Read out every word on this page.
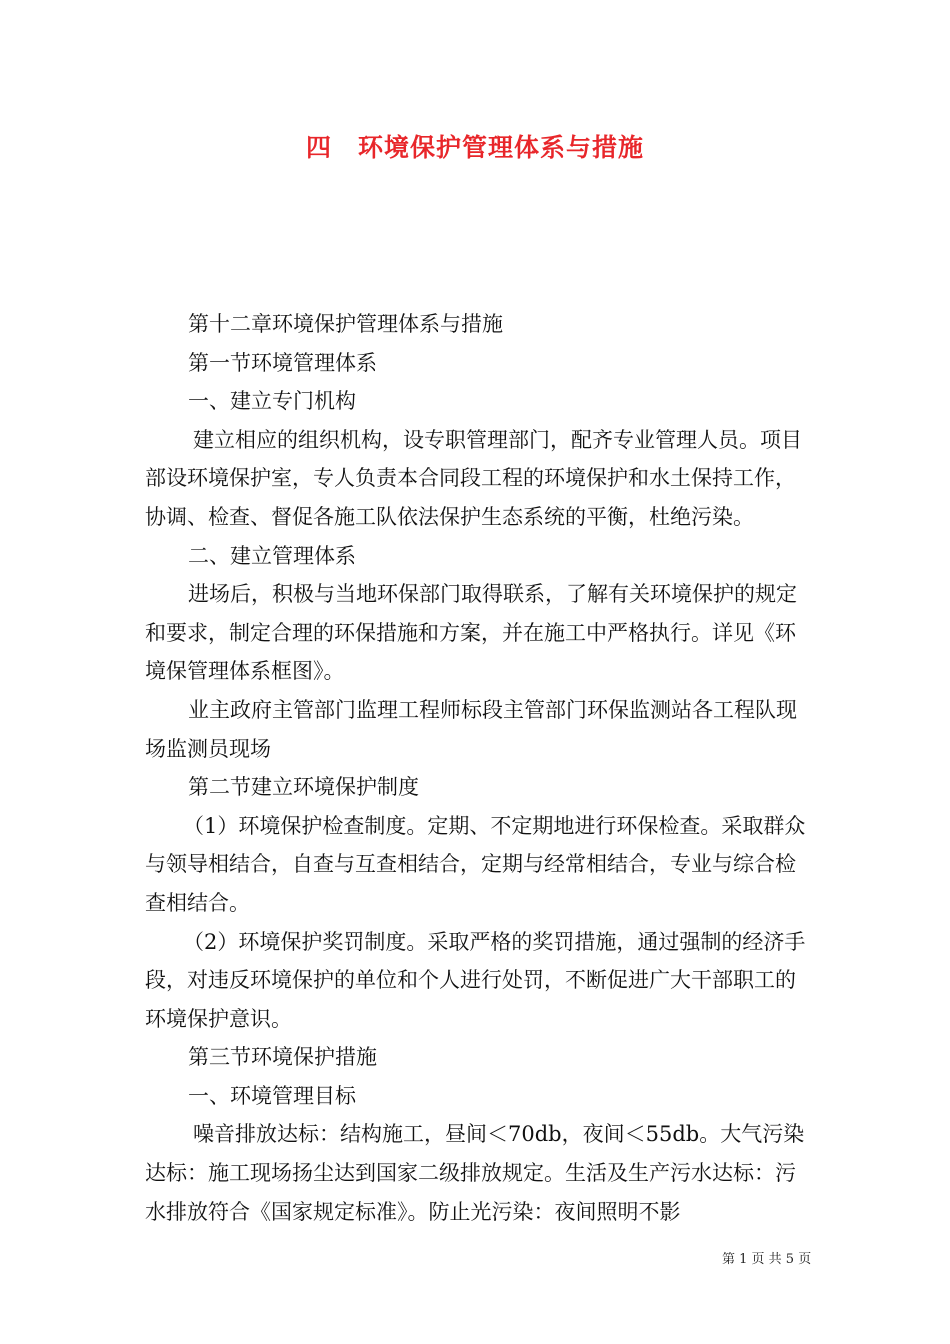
四　环境保护管理体系与措施

第十二章环境保护管理体系与措施

第一节环境管理体系

一、建立专门机构

建立相应的组织机构，设专职管理部门，配齐专业管理人员。项目部设环境保护室，专人负责本合同段工程的环境保护和水土保持工作，协调、检查、督促各施工队依法保护生态系统的平衡，杜绝污染。

二、建立管理体系

进场后，积极与当地环保部门取得联系，了解有关环境保护的规定和要求，制定合理的环保措施和方案，并在施工中严格执行。详见《环境保管理体系框图》。

业主政府主管部门监理工程师标段主管部门环保监测站各工程队现场监测员现场

第二节建立环境保护制度

（1）环境保护检查制度。定期、不定期地进行环保检查。采取群众与领导相结合，自查与互查相结合，定期与经常相结合，专业与综合检查相结合。

（2）环境保护奖罚制度。采取严格的奖罚措施，通过强制的经济手段，对违反环境保护的单位和个人进行处罚，不断促进广大干部职工的环境保护意识。

第三节环境保护措施

一、环境管理目标

噪音排放达标：结构施工，昼间＜70db，夜间＜55db。大气污染达标：施工现场扬尘达到国家二级排放规定。生活及生产污水达标：污水排放符合《国家规定标准》。防止光污染：夜间照明不影

第 1 页 共 5 页
